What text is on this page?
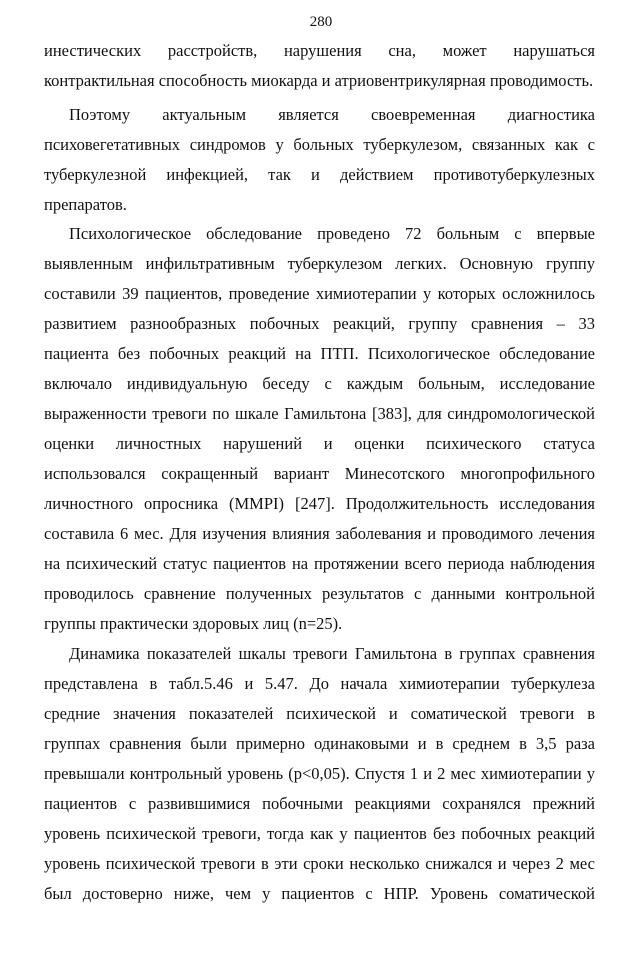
280
инестических расстройств, нарушения сна, может нарушаться
контрактильная способность миокарда и атриовентрикулярная проводимость.
Поэтому актуальным является своевременная диагностика
психовегетативных синдромов у больных туберкулезом, связанных как с
туберкулезной инфекцией, так и действием противотуберкулезных
препаратов.
Психологическое обследование проведено 72 больным с впервые
выявленным инфильтративным туберкулезом легких. Основную группу
составили 39 пациентов, проведение химиотерапии у которых осложнилось
развитием разнообразных побочных реакций, группу сравнения – 33
пациента без побочных реакций на ПТП. Психологическое обследование
включало индивидуальную беседу с каждым больным, исследование
выраженности тревоги по шкале Гамильтона [383], для синдромологической
оценки личностных нарушений и оценки психического статуса
использовался сокращенный вариант Минесотского многопрофильного
личностного опросника (MMPI) [247]. Продолжительность исследования
составила 6 мес. Для изучения влияния заболевания и проводимого лечения
на психический статус пациентов на протяжении всего периода наблюдения
проводилось сравнение полученных результатов с данными контрольной
группы практически здоровых лиц (n=25).
Динамика показателей шкалы тревоги Гамильтона в группах сравнения
представлена в табл.5.46 и 5.47. До начала химиотерапии туберкулеза
средние значения показателей психической и соматической тревоги в
группах сравнения были примерно одинаковыми и в среднем в 3,5 раза
превышали контрольный уровень (p<0,05). Спустя 1 и 2 мес химиотерапии у
пациентов с развившимися побочными реакциями сохранялся прежний
уровень психической тревоги, тогда как у пациентов без побочных реакций
уровень психической тревоги в эти сроки несколько снижался и через 2 мес
был достоверно ниже, чем у пациентов с НПР. Уровень соматической
